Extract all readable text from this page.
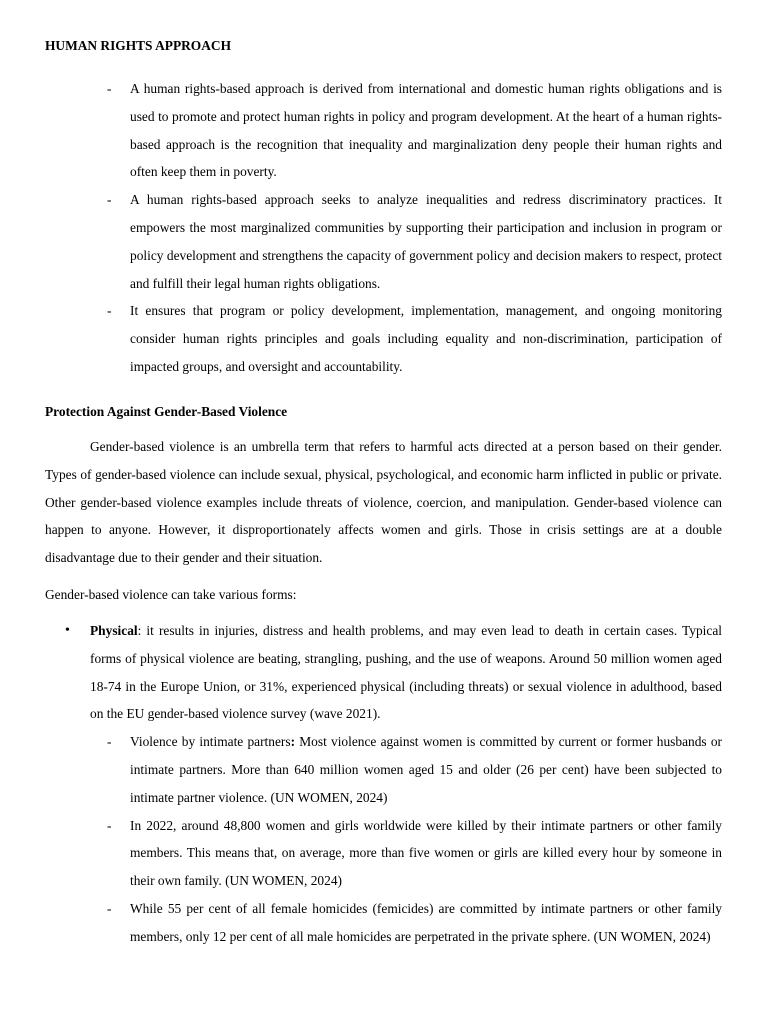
HUMAN RIGHTS APPROACH

- A human rights-based approach is derived from international and domestic human rights obligations and is used to promote and protect human rights in policy and program development. At the heart of a human rights-based approach is the recognition that inequality and marginalization deny people their human rights and often keep them in poverty.
- A human rights-based approach seeks to analyze inequalities and redress discriminatory practices. It empowers the most marginalized communities by supporting their participation and inclusion in program or policy development and strengthens the capacity of government policy and decision makers to respect, protect and fulfill their legal human rights obligations.
- It ensures that program or policy development, implementation, management, and ongoing monitoring consider human rights principles and goals including equality and non-discrimination, participation of impacted groups, and oversight and accountability.

Protection Against Gender-Based Violence

Gender-based violence is an umbrella term that refers to harmful acts directed at a person based on their gender. Types of gender-based violence can include sexual, physical, psychological, and economic harm inflicted in public or private. Other gender-based violence examples include threats of violence, coercion, and manipulation. Gender-based violence can happen to anyone. However, it disproportionately affects women and girls. Those in crisis settings are at a double disadvantage due to their gender and their situation.

Gender-based violence can take various forms:

• Physical: it results in injuries, distress and health problems, and may even lead to death in certain cases. Typical forms of physical violence are beating, strangling, pushing, and the use of weapons. Around 50 million women aged 18-74 in the Europe Union, or 31%, experienced physical (including threats) or sexual violence in adulthood, based on the EU gender-based violence survey (wave 2021).

- Violence by intimate partners: Most violence against women is committed by current or former husbands or intimate partners. More than 640 million women aged 15 and older (26 per cent) have been subjected to intimate partner violence. (UN WOMEN, 2024)
- In 2022, around 48,800 women and girls worldwide were killed by their intimate partners or other family members. This means that, on average, more than five women or girls are killed every hour by someone in their own family. (UN WOMEN, 2024)
- While 55 per cent of all female homicides (femicides) are committed by intimate partners or other family members, only 12 per cent of all male homicides are perpetrated in the private sphere. (UN WOMEN, 2024)
